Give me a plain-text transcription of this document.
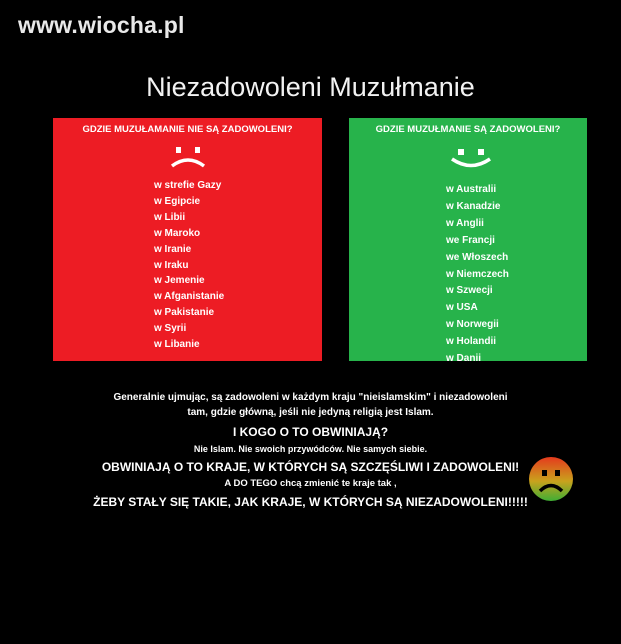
www.wiocha.pl
Niezadowoleni Muzułmanie
GDZIE MUZUŁAMANIE NIE SĄ ZADOWOLENI?
w strefie Gazy
w Egipcie
w Libii
w Maroko
w Iranie
w Iraku
w Jemenie
w Afganistanie
w Pakistanie
w Syrii
w Libanie
GDZIE MUZUŁMANIE SĄ ZADOWOLENI?
w Australii
w Kanadzie
w Anglii
we Francji
we Włoszech
w Niemczech
w Szwecji
w USA
w Norwegii
w Holandii
w Danii
Generalnie ujmując, są zadowoleni w każdym kraju "nieislamskim" i niezadowoleni
tam, gdzie główną, jeśli nie jedyną religią jest Islam.
I KOGO O TO OBWINIAJĄ?
Nie Islam. Nie swoich przywódców. Nie samych siebie.
OBWINIAJĄ O TO KRAJE, W KTÓRYCH SĄ SZCZĘŚLIWI I ZADOWOLENI!
A DO TEGO chcą zmienić te kraje tak ,
ŻEBY STAŁY SIĘ TAKIE, JAK KRAJE, W KTÓRYCH SĄ NIEZADOWOLENI!!!!!
